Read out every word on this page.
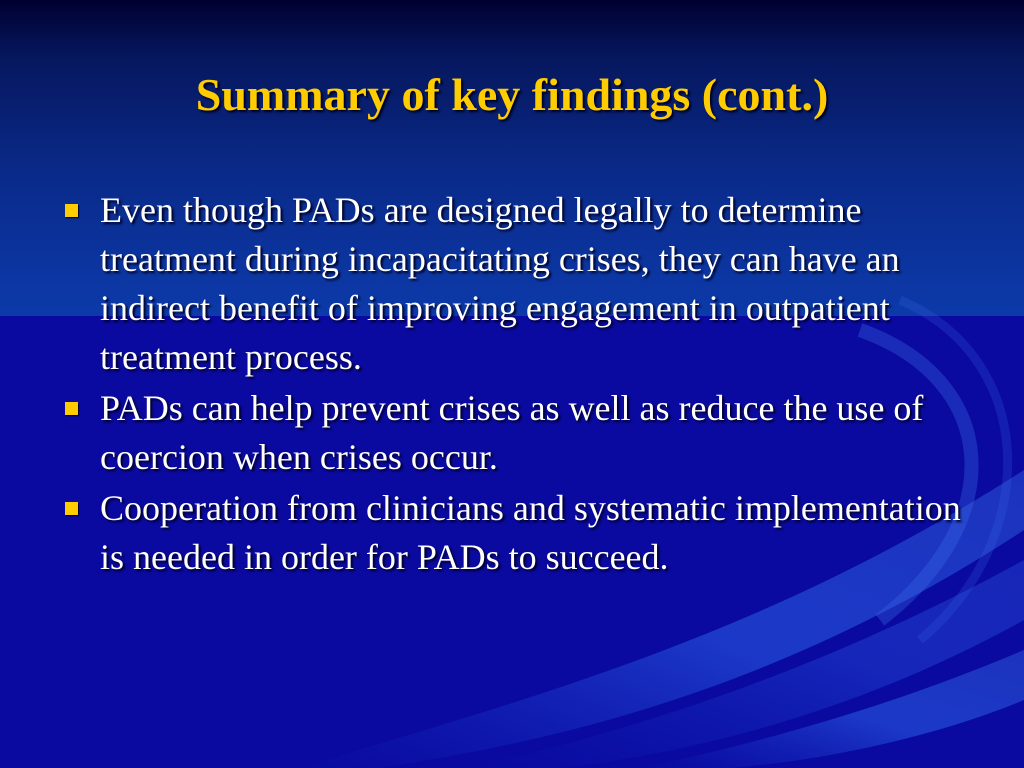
Summary of key findings (cont.)
Even though PADs are designed legally to determine treatment during incapacitating crises, they can have an indirect benefit of improving engagement in outpatient treatment process.
PADs can help prevent crises as well as reduce the use of coercion when crises occur.
Cooperation from clinicians and systematic implementation is needed in order for PADs to succeed.
